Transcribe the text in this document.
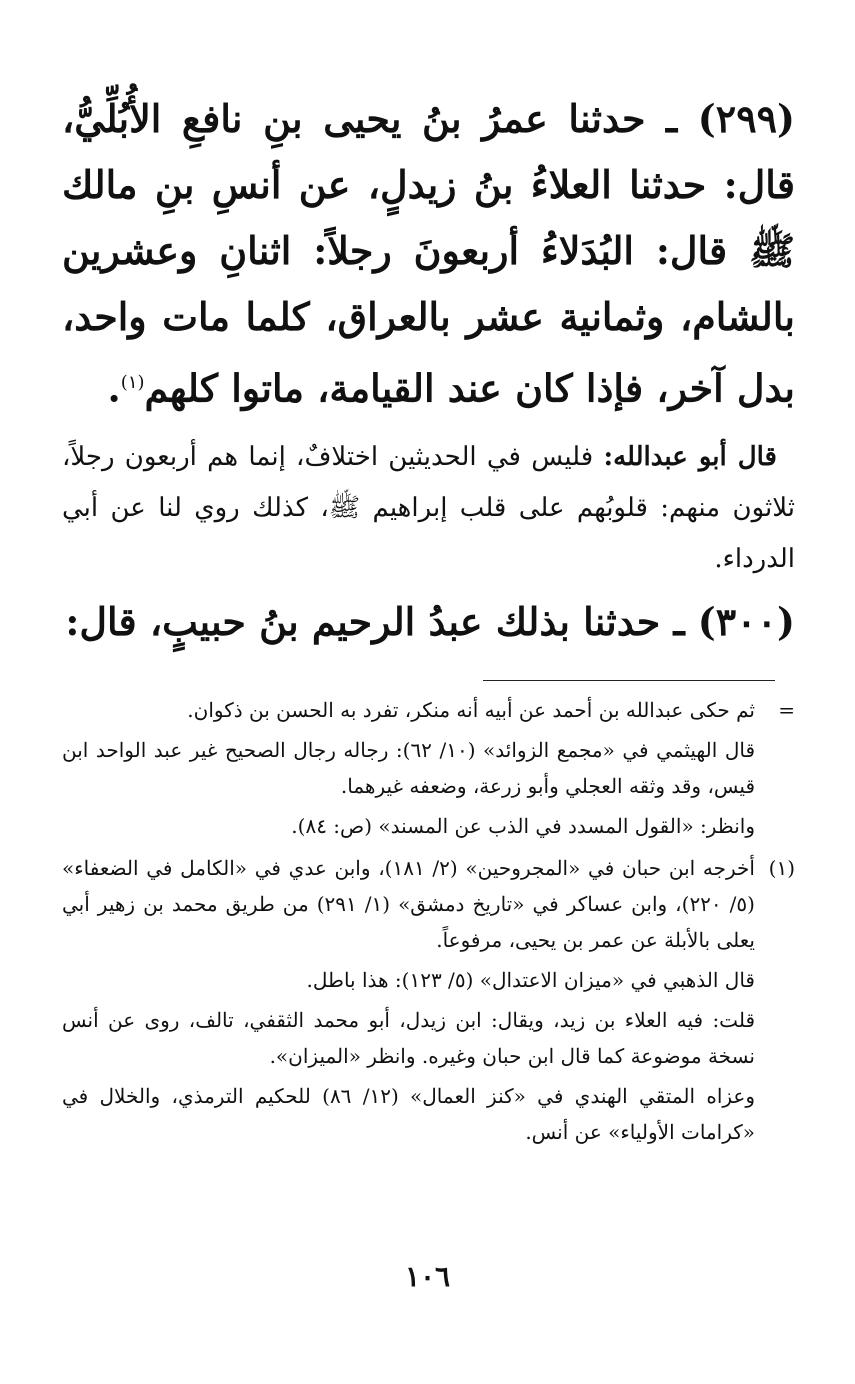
(٢٩٩) ـ حدثنا عمرُ بنُ يحيى بنِ نافعِ الأُبُلِّيُّ، قال: حدثنا العلاءُ بنُ زيدلٍ، عن أنسِ بنِ مالك ﷺ قال: البُدَلاءُ أربعونَ رجلاً: اثنانِ وعشرين بالشام، وثمانية عشر بالعراق، كلما مات واحد، بدل آخر، فإذا كان عند القيامة، ماتوا كلهم$^{(١)}$.

قال أبو عبدالله: فليس في الحديثين اختلافٌ، إنما هم أربعون رجلاً، ثلاثون منهم: قلوبُهم على قلب إبراهيم ﷺ، كذلك روي لنا عن أبي الدرداء.

(٣٠٠) ـ حدثنا بذلك عبدُ الرحيم بنُ حبيبٍ، قال:

=

ثم حكى عبدالله بن أحمد عن أبيه أنه منكر، تفرد به الحسن بن ذكوان.

قال الهيثمي في «مجمع الزوائد» (١٠/ ٦٢): رجاله رجال الصحيح غير عبد الواحد ابن قيس، وقد وثقه العجلي وأبو زرعة، وضعفه غيرهما.

وانظر: «القول المسدد في الذب عن المسند» (ص: ٨٤).

(١)

أخرجه ابن حبان في «المجروحين» (٢/ ١٨١)، وابن عدي في «الكامل في الضعفاء» (٥/ ٢٢٠)، وابن عساكر في «تاريخ دمشق» (١/ ٢٩١) من طريق محمد بن زهير أبي يعلى بالأبلة عن عمر بن يحيى، مرفوعاً.

قال الذهبي في «ميزان الاعتدال» (٥/ ١٢٣): هذا باطل.

قلت: فيه العلاء بن زيد، ويقال: ابن زيدل، أبو محمد الثقفي، تالف، روى عن أنس نسخة موضوعة كما قال ابن حبان وغيره. وانظر «الميزان».

وعزاه المتقي الهندي في «كنز العمال» (١٢/ ٨٦) للحكيم الترمذي، والخلال في «كرامات الأولياء» عن أنس.

١٠٦
